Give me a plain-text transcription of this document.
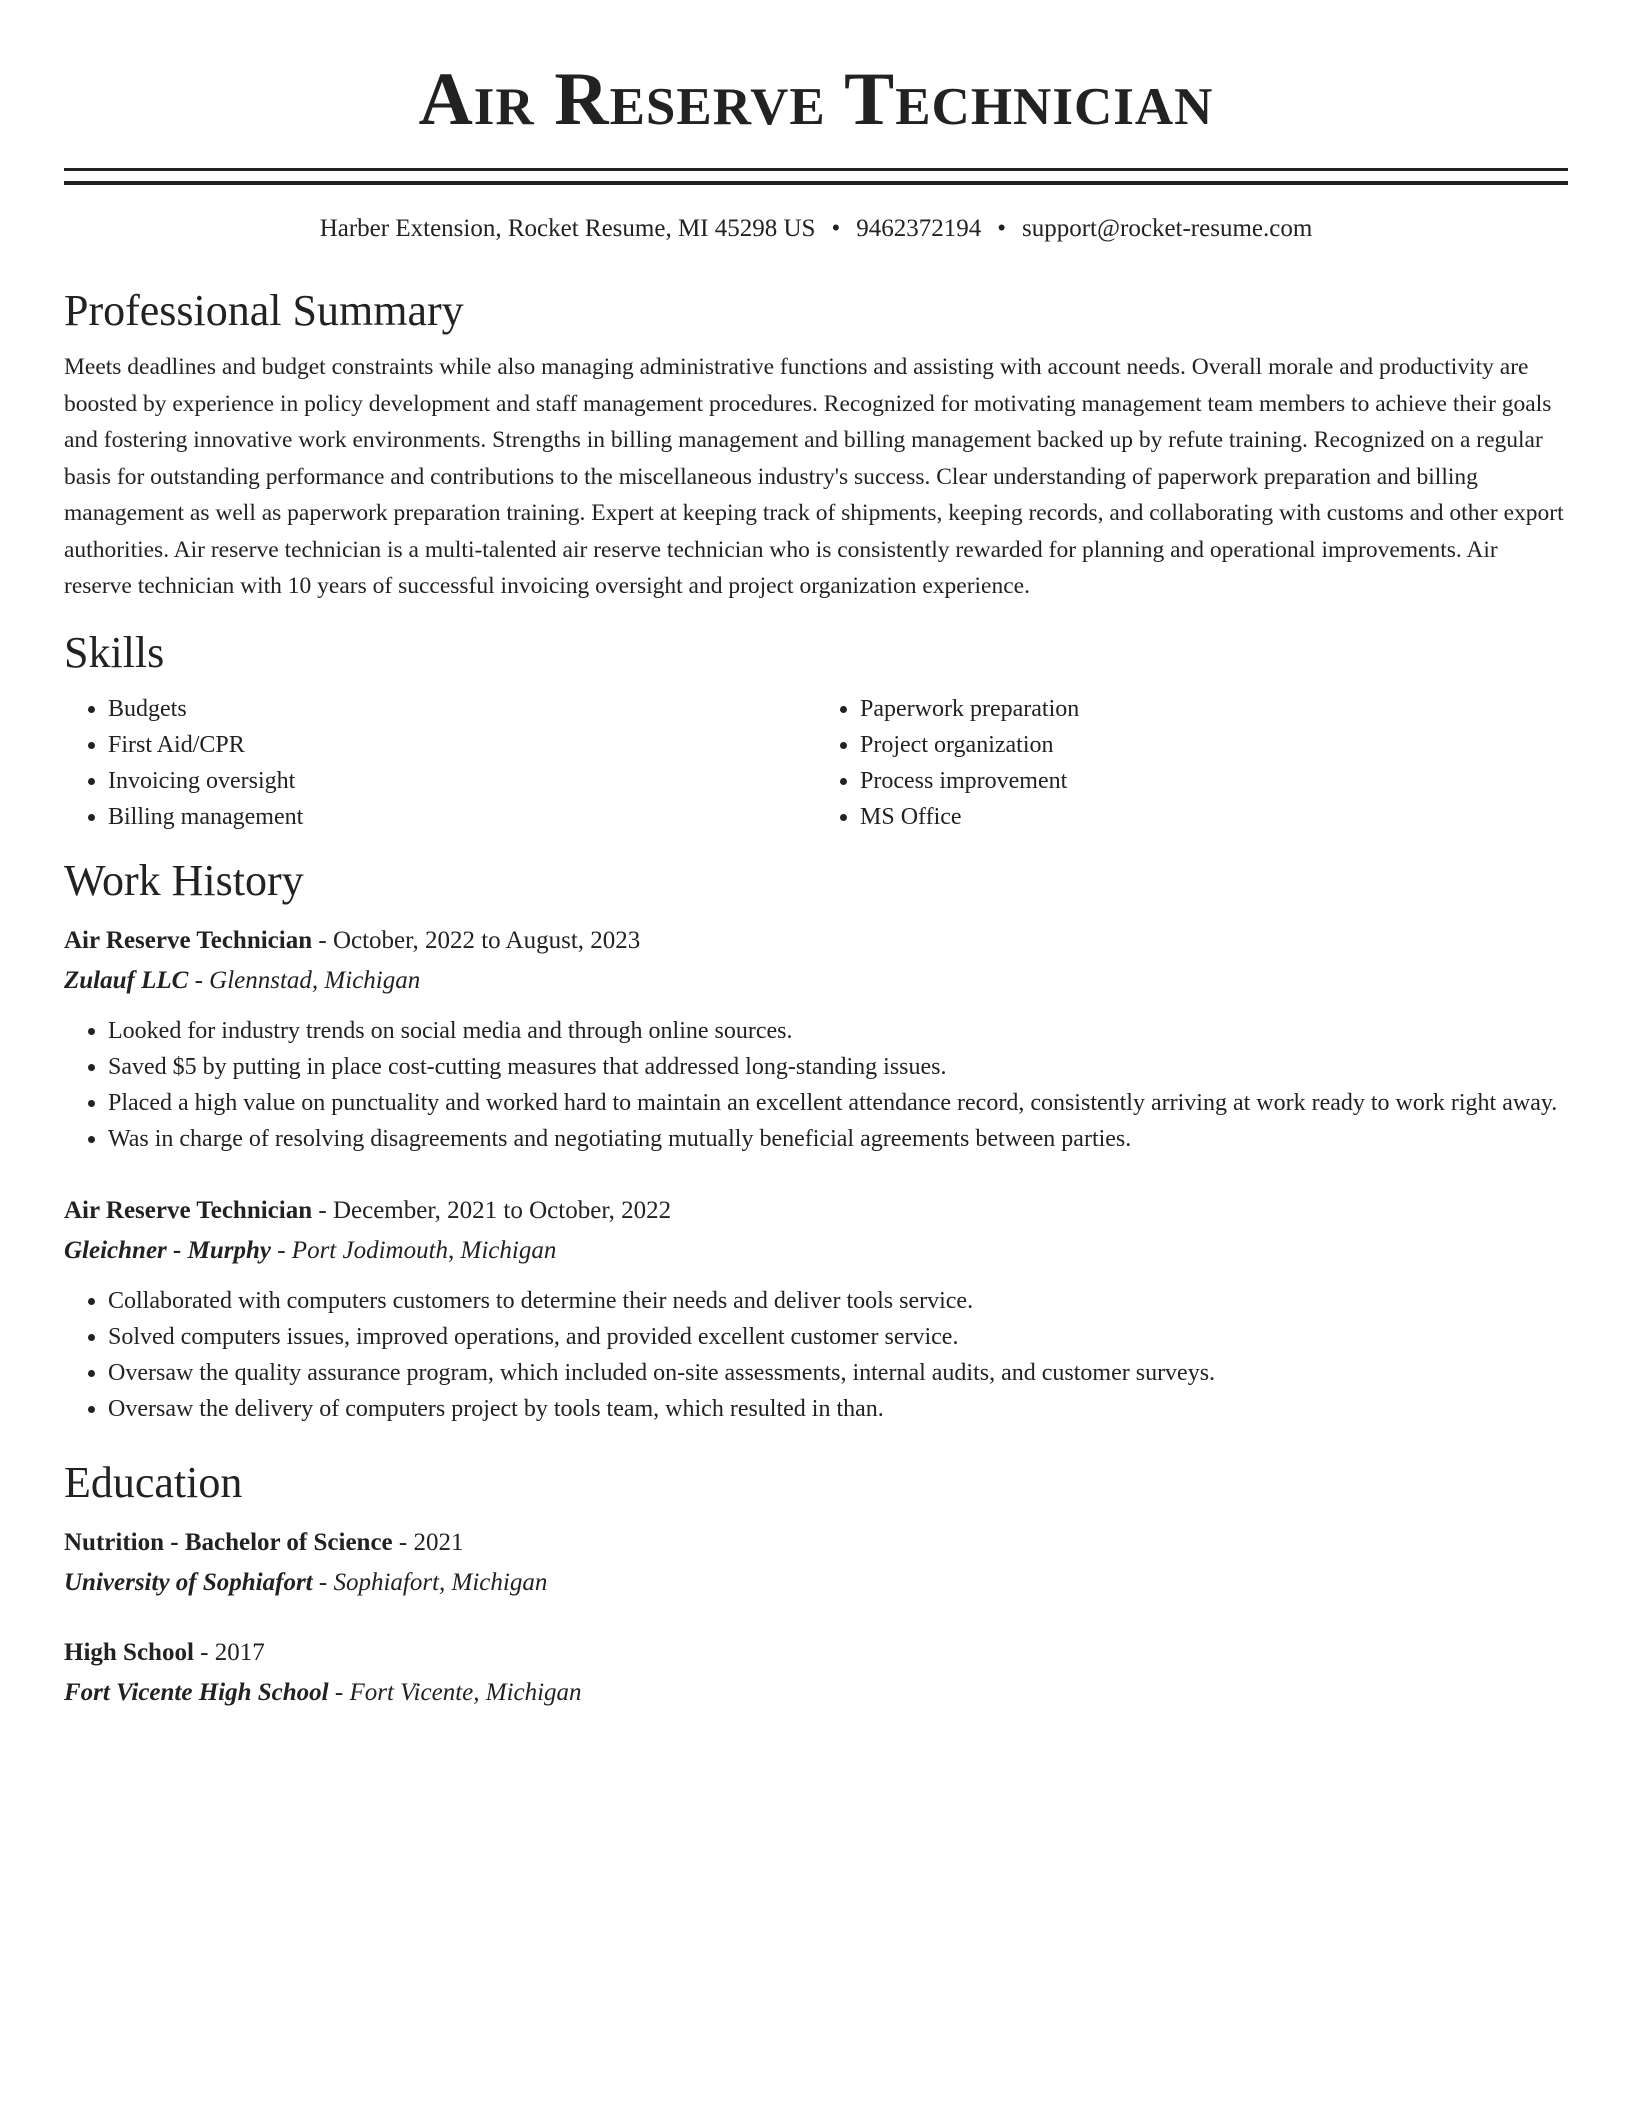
Air Reserve Technician
Harber Extension, Rocket Resume, MI 45298 US • 9462372194 • support@rocket-resume.com
Professional Summary

Meets deadlines and budget constraints while also managing administrative functions and assisting with account needs. Overall morale and productivity are boosted by experience in policy development and staff management procedures. Recognized for motivating management team members to achieve their goals and fostering innovative work environments. Strengths in billing management and billing management backed up by refute training. Recognized on a regular basis for outstanding performance and contributions to the miscellaneous industry's success. Clear understanding of paperwork preparation and billing management as well as paperwork preparation training. Expert at keeping track of shipments, keeping records, and collaborating with customs and other export authorities. Air reserve technician is a multi-talented air reserve technician who is consistently rewarded for planning and operational improvements. Air reserve technician with 10 years of successful invoicing oversight and project organization experience.

Skills
• Budgets
• First Aid/CPR
• Invoicing oversight
• Billing management
• Paperwork preparation
• Project organization
• Process improvement
• MS Office
Work History
Air Reserve Technician - October, 2022 to August, 2023
Zulauf LLC - Glennstad, Michigan
• Looked for industry trends on social media and through online sources.
• Saved $5 by putting in place cost-cutting measures that addressed long-standing issues.
• Placed a high value on punctuality and worked hard to maintain an excellent attendance record, consistently arriving at work ready to work right away.
• Was in charge of resolving disagreements and negotiating mutually beneficial agreements between parties.
Air Reserve Technician - December, 2021 to October, 2022
Gleichner - Murphy - Port Jodimouth, Michigan
• Collaborated with computers customers to determine their needs and deliver tools service.
• Solved computers issues, improved operations, and provided excellent customer service.
• Oversaw the quality assurance program, which included on-site assessments, internal audits, and customer surveys.
• Oversaw the delivery of computers project by tools team, which resulted in than.
Education
Nutrition - Bachelor of Science - 2021
University of Sophiafort - Sophiafort, Michigan
High School - 2017
Fort Vicente High School - Fort Vicente, Michigan
